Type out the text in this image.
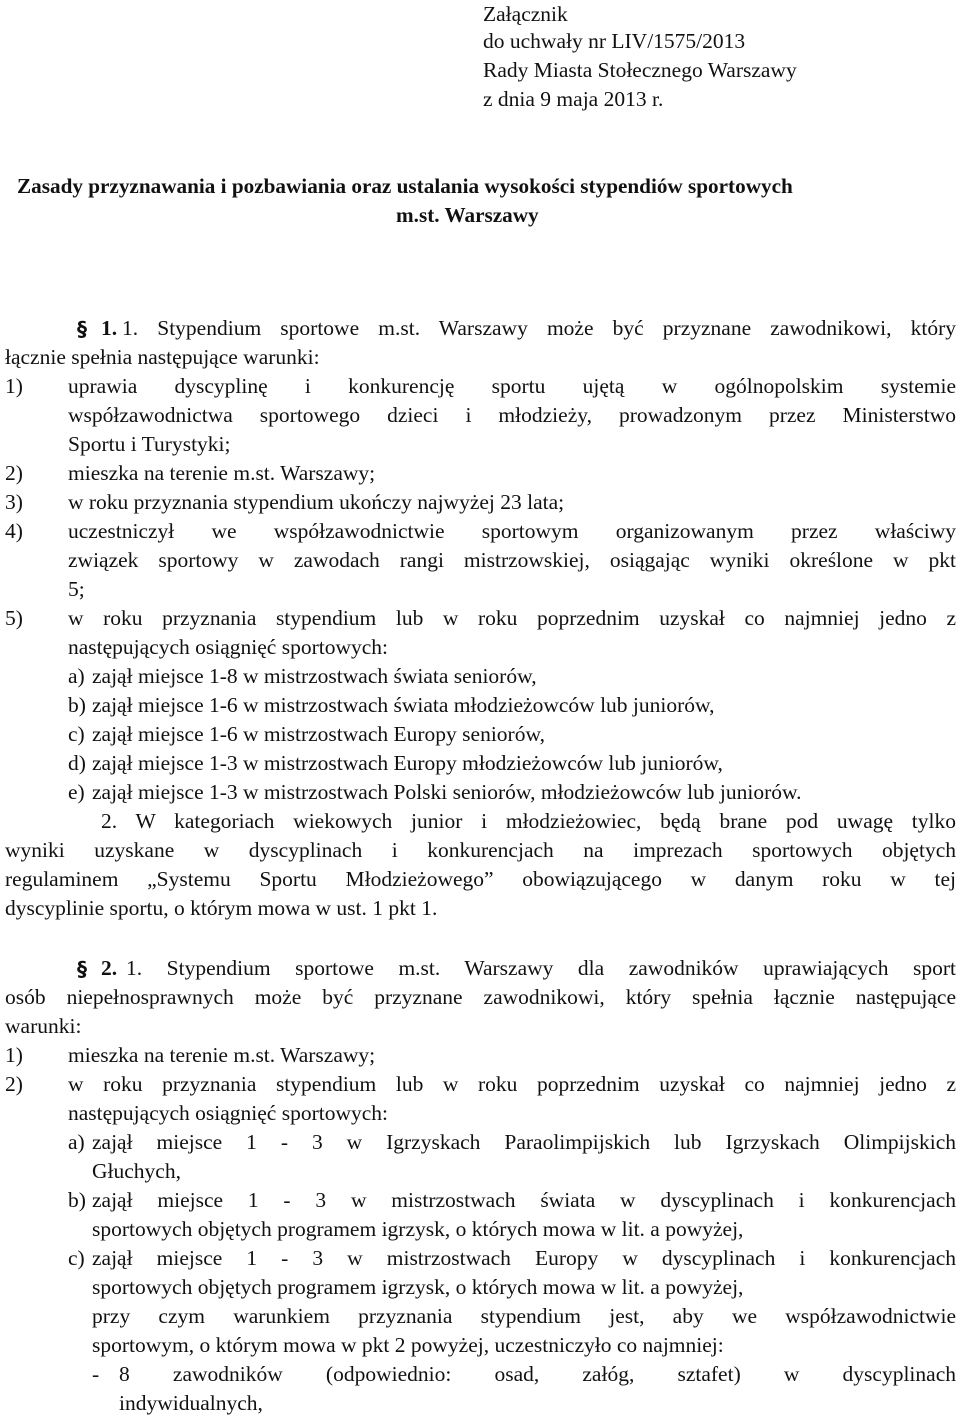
Załącznik
do uchwały nr LIV/1575/2013
Rady Miasta Stołecznego Warszawy
z dnia 9 maja 2013 r.
Zasady przyznawania i pozbawiania oraz ustalania wysokości stypendiów sportowych
m.st. Warszawy
§ 1. 1. Stypendium sportowe m.st. Warszawy może być przyznane zawodnikowi, który
łącznie spełnia następujące warunki:
1) uprawia dyscyplinę i konkurencję sportu ujętą w ogólnopolskim systemie
współzawodnictwa sportowego dzieci i młodzieży, prowadzonym przez Ministerstwo
Sportu i Turystyki;
2) mieszka na terenie m.st. Warszawy;
3) w roku przyznania stypendium ukończy najwyżej 23 lata;
4) uczestniczył we współzawodnictwie sportowym organizowanym przez właściwy
związek sportowy w zawodach rangi mistrzowskiej, osiągając wyniki określone w pkt
5;
5) w roku przyznania stypendium lub w roku poprzednim uzyskał co najmniej jedno z
następujących osiągnięć sportowych:
a) zajął miejsce 1-8 w mistrzostwach świata seniorów,
b) zajął miejsce 1-6 w mistrzostwach świata młodzieżowców lub juniorów,
c) zajął miejsce 1-6 w mistrzostwach Europy seniorów,
d) zajął miejsce 1-3 w mistrzostwach Europy młodzieżowców lub juniorów,
e) zajął miejsce 1-3 w mistrzostwach Polski seniorów, młodzieżowców lub juniorów.
2. W kategoriach wiekowych junior i młodzieżowiec, będą brane pod uwagę tylko
wyniki uzyskane w dyscyplinach i konkurencjach na imprezach sportowych objętych
regulaminem „Systemu Sportu Młodzieżowego” obowiązującego w danym roku w tej
dyscyplinie sportu, o którym mowa w ust. 1 pkt 1.
§ 2. 1. Stypendium sportowe m.st. Warszawy dla zawodników uprawiających sport
osób niepełnosprawnych może być przyznane zawodnikowi, który spełnia łącznie następujące
warunki:
1) mieszka na terenie m.st. Warszawy;
2) w roku przyznania stypendium lub w roku poprzednim uzyskał co najmniej jedno z
następujących osiągnięć sportowych:
a) zajął miejsce 1 - 3 w Igrzyskach Paraolimpijskich lub Igrzyskach Olimpijskich
Głuchych,
b) zajął miejsce 1 - 3 w mistrzostwach świata w dyscyplinach i konkurencjach
sportowych objętych programem igrzysk, o których mowa w lit. a powyżej,
c) zajął miejsce 1 - 3 w mistrzostwach Europy w dyscyplinach i konkurencjach
sportowych objętych programem igrzysk, o których mowa w lit. a powyżej,
przy czym warunkiem przyznania stypendium jest, aby we współzawodnictwie
sportowym, o którym mowa w pkt 2 powyżej, uczestniczyło co najmniej:
- 8 zawodników (odpowiednio: osad, załóg, sztafet) w dyscyplinach
indywidualnych,
